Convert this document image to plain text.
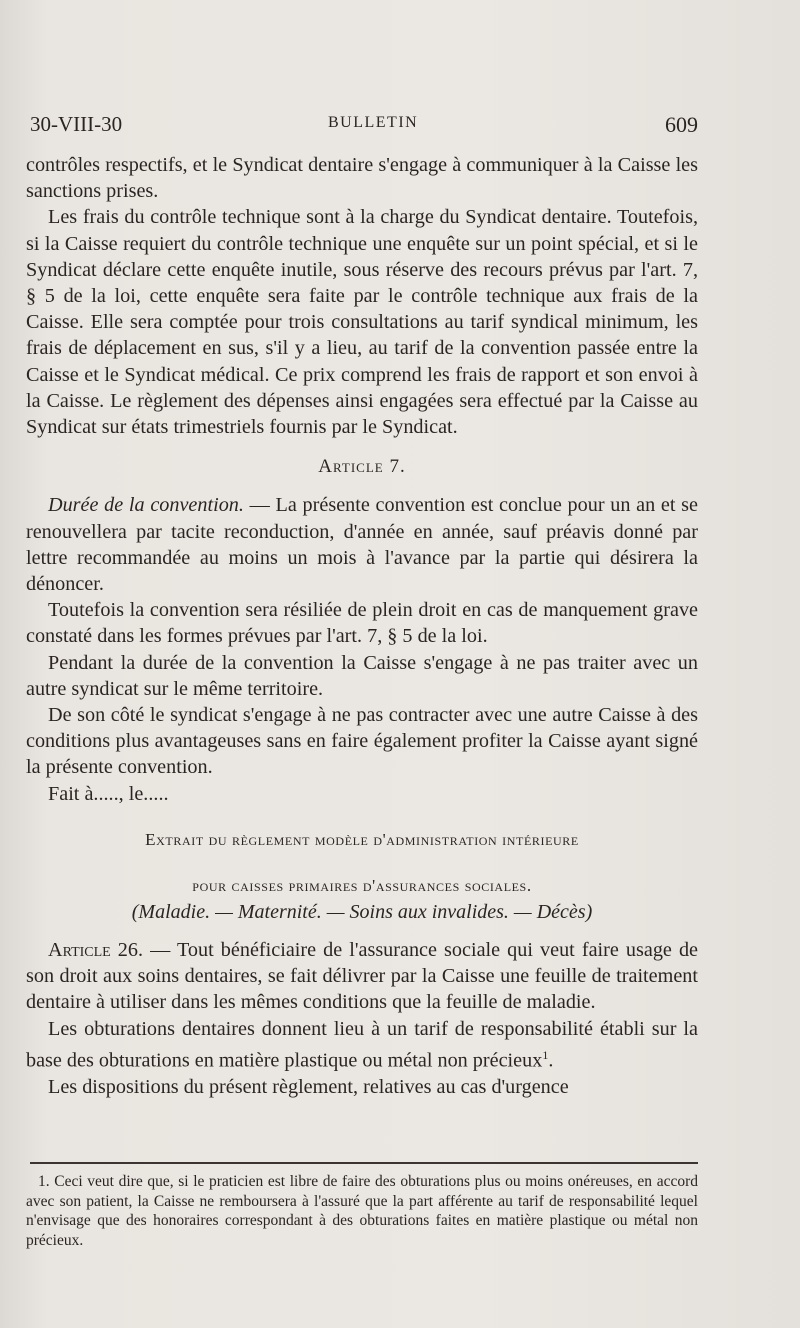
30-VIII-30	BULLETIN	609

contrôles respectifs, et le Syndicat dentaire s'engage à communiquer à la Caisse les sanctions prises.

Les frais du contrôle technique sont à la charge du Syndicat dentaire. Toutefois, si la Caisse requiert du contrôle technique une enquête sur un point spécial, et si le Syndicat déclare cette enquête inutile, sous réserve des recours prévus par l'art. 7, § 5 de la loi, cette enquête sera faite par le contrôle technique aux frais de la Caisse. Elle sera comptée pour trois consultations au tarif syndical minimum, les frais de déplacement en sus, s'il y a lieu, au tarif de la convention passée entre la Caisse et le Syndicat médical. Ce prix comprend les frais de rapport et son envoi à la Caisse. Le règlement des dépenses ainsi engagées sera effectué par la Caisse au Syndicat sur états trimestriels fournis par le Syndicat.

Article 7.

Durée de la convention. — La présente convention est conclue pour un an et se renouvellera par tacite reconduction, d'année en année, sauf préavis donné par lettre recommandée au moins un mois à l'avance par la partie qui désirera la dénoncer.

Toutefois la convention sera résiliée de plein droit en cas de manquement grave constaté dans les formes prévues par l'art. 7, § 5 de la loi.

Pendant la durée de la convention la Caisse s'engage à ne pas traiter avec un autre syndicat sur le même territoire.

De son côté le syndicat s'engage à ne pas contracter avec une autre Caisse à des conditions plus avantageuses sans en faire également profiter la Caisse ayant signé la présente convention.

Fait à....., le.....

Extrait du règlement modèle d'administration intérieure
pour caisses primaires d'assurances sociales.
(Maladie. — Maternité. — Soins aux invalides. — Décès)

Article 26. — Tout bénéficiaire de l'assurance sociale qui veut faire usage de son droit aux soins dentaires, se fait délivrer par la Caisse une feuille de traitement dentaire à utiliser dans les mêmes conditions que la feuille de maladie.

Les obturations dentaires donnent lieu à un tarif de responsabilité établi sur la base des obturations en matière plastique ou métal non précieux$^1$.

Les dispositions du présent règlement, relatives au cas d'urgence

1. Ceci veut dire que, si le praticien est libre de faire des obturations plus ou moins onéreuses, en accord avec son patient, la Caisse ne remboursera à l'assuré que la part afférente au tarif de responsabilité lequel n'envisage que des honoraires correspondant à des obturations faites en matière plastique ou métal non précieux.
